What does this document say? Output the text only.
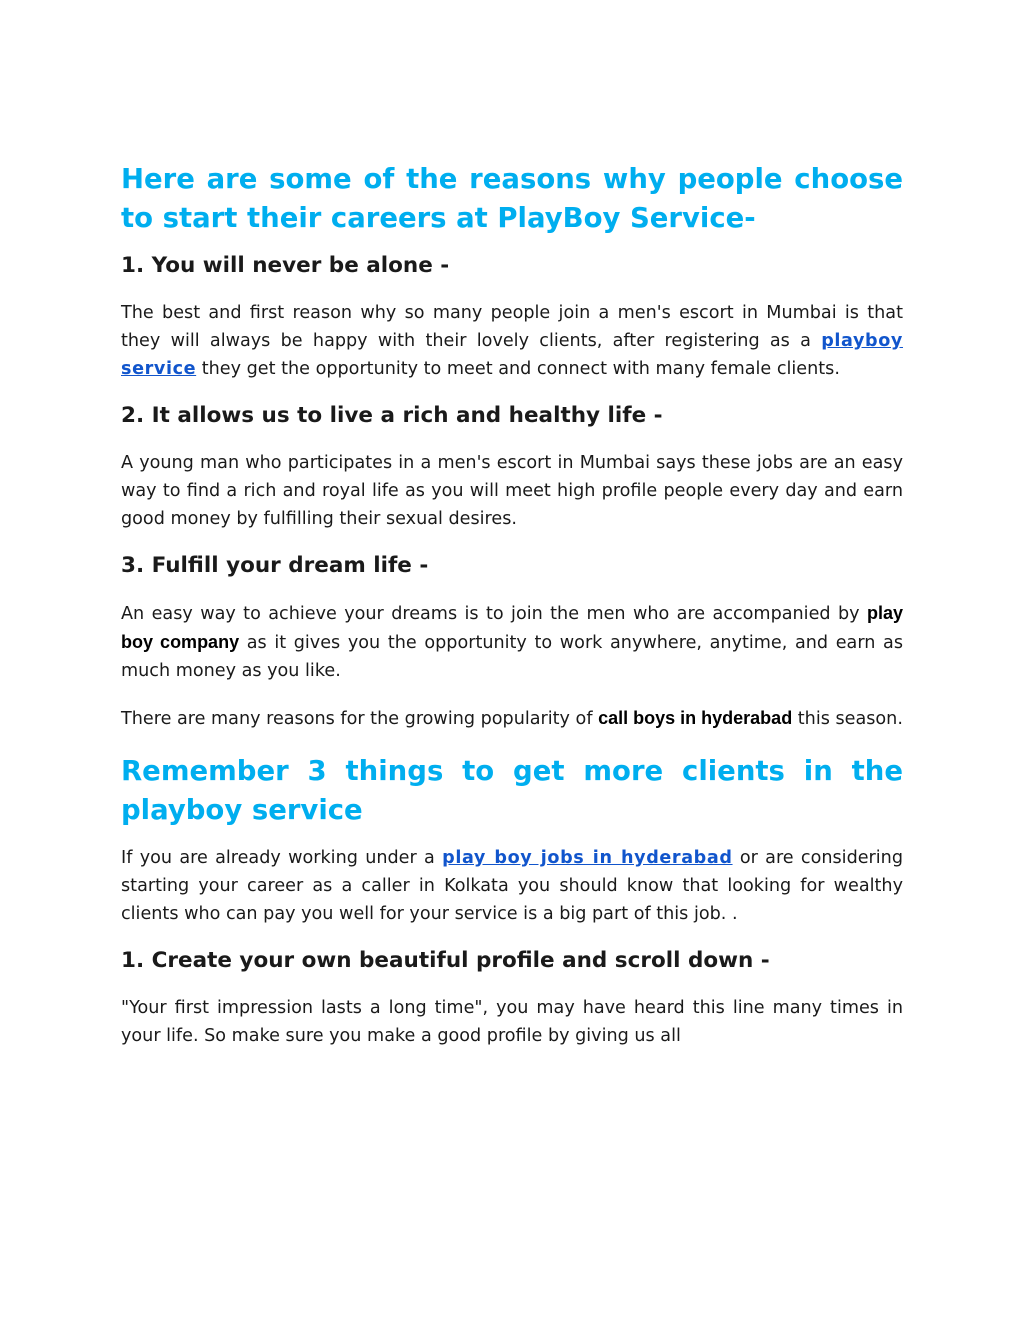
Here are some of the reasons why people choose to start their careers at PlayBoy Service-
1. You will never be alone -
The best and first reason why so many people join a men's escort in Mumbai is that they will always be happy with their lovely clients, after registering as a playboy service they get the opportunity to meet and connect with many female clients.
2. It allows us to live a rich and healthy life -
A young man who participates in a men's escort in Mumbai says these jobs are an easy way to find a rich and royal life as you will meet high profile people every day and earn good money by fulfilling their sexual desires.
3. Fulfill your dream life -
An easy way to achieve your dreams is to join the men who are accompanied by play boy company as it gives you the opportunity to work anywhere, anytime, and earn as much money as you like.
There are many reasons for the growing popularity of call boys in hyderabad this season.
Remember 3 things to get more clients in the playboy service
If you are already working under a play boy jobs in hyderabad or are considering starting your career as a caller in Kolkata you should know that looking for wealthy clients who can pay you well for your service is a big part of this job. .
1. Create your own beautiful profile and scroll down -
"Your first impression lasts a long time", you may have heard this line many times in your life. So make sure you make a good profile by giving us all
